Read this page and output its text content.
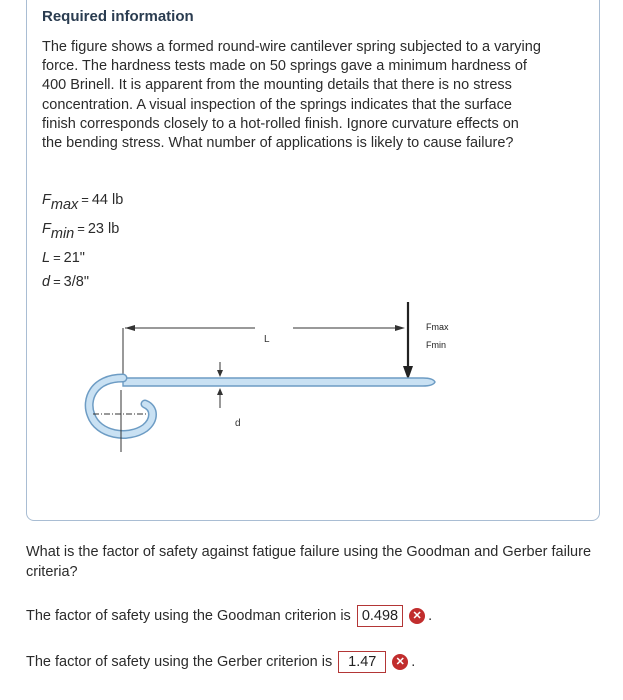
Required information
The figure shows a formed round-wire cantilever spring subjected to a varying force. The hardness tests made on 50 springs gave a minimum hardness of 400 Brinell. It is apparent from the mounting details that there is no stress concentration. A visual inspection of the springs indicates that the surface finish corresponds closely to a hot-rolled finish. Ignore curvature effects on the bending stress. What number of applications is likely to cause failure?
Fmax = 44 lb
Fmin = 23 lb
L = 21"
d = 3/8"
L
Fmax
Fmin
d
What is the factor of safety against fatigue failure using the Goodman and Gerber failure criteria?
The factor of safety using the Goodman criterion is 0.498	✕ .
The factor of safety using the Gerber criterion is	1.47	✕ .
